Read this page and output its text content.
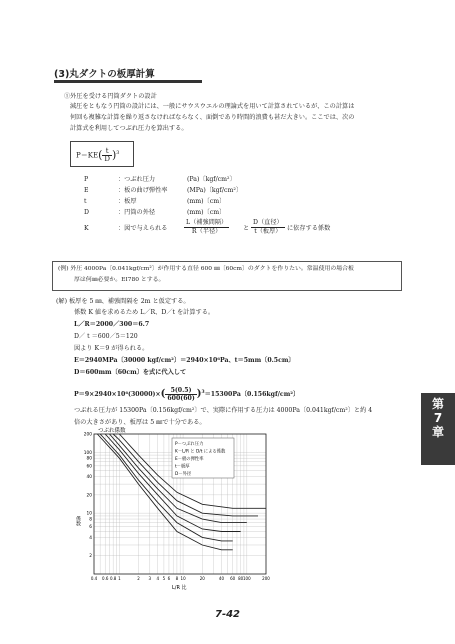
(3)丸ダクトの板厚計算
①外圧を受ける円筒ダクトの設計
減圧をともなう円筒の設計には、一般にサウスウエルの理論式を用いて計算されているが、この計算は
何回も複雑な計算を繰り返さなければならなく、面倒であり時間的浪費も甚だ大きい。ここでは、次の
計算式を利用してつぶれ圧力を算出する。
$P=KE( \frac{t}{D} )^3$
P	：つぶれ圧力	(Pa)〔kgf/cm²〕
E	：板の曲げ弾性率	(MPa)〔kgf/cm²〕
t	：板厚	(mm)〔cm〕
D	：円筒の外径	(mm)〔cm〕
K	：図で与えられる	$\frac{\text{L（補強間隔）}}{\text{R（半径）}}$ と $\frac{\text{D（直径）}}{\text{t（板厚）}}$ に依存する係数
(例) 外圧 4000Pa〔0.041kgf/cm²〕が作用する直径 600 ㎜〔60cm〕のダクトを作りたい。常温使用の場合板
厚は何㎜必要か。EI780 とする。
(解) 板厚を 5 ㎜、補強間隔を 2m と仮定する。
係数 K 値を求めるため L／R、D／t を計算する。
L／R＝2000／300＝6.7
D／ t ＝600／5＝120
図より K＝9 が得られる。
E＝2940MPa〔30000 kgf/cm²〕＝2940×10⁶Pa、t＝5mm〔0.5cm〕
D＝600mm〔60cm〕を式に代入して
$P=9\times 2940\times 10^6(30000)\times( \frac{5(0.5)}{600(60)} )^3=15300Pa$〔0.156kgf/cm²〕
つぶれる圧力が 15300Pa〔0.156kgf/cm²〕で、実際に作用する圧力は 4000Pa〔0.041kgf/cm²〕と約 4
倍の大きさがあり、板厚は 5 ㎜で十分である。
つぶれ係数
200
100
80
60
40
20
10
8
6
4
2
0.4 0.6 0.8 1	2 3 4 5 6 8 10	20	40 60 80 100	200
P－つぶれ圧力
K－L/R と D/t による係数
E－板の弾性率
t－板厚
D－外径
係数
L/R 比
第
7
章
7-42
